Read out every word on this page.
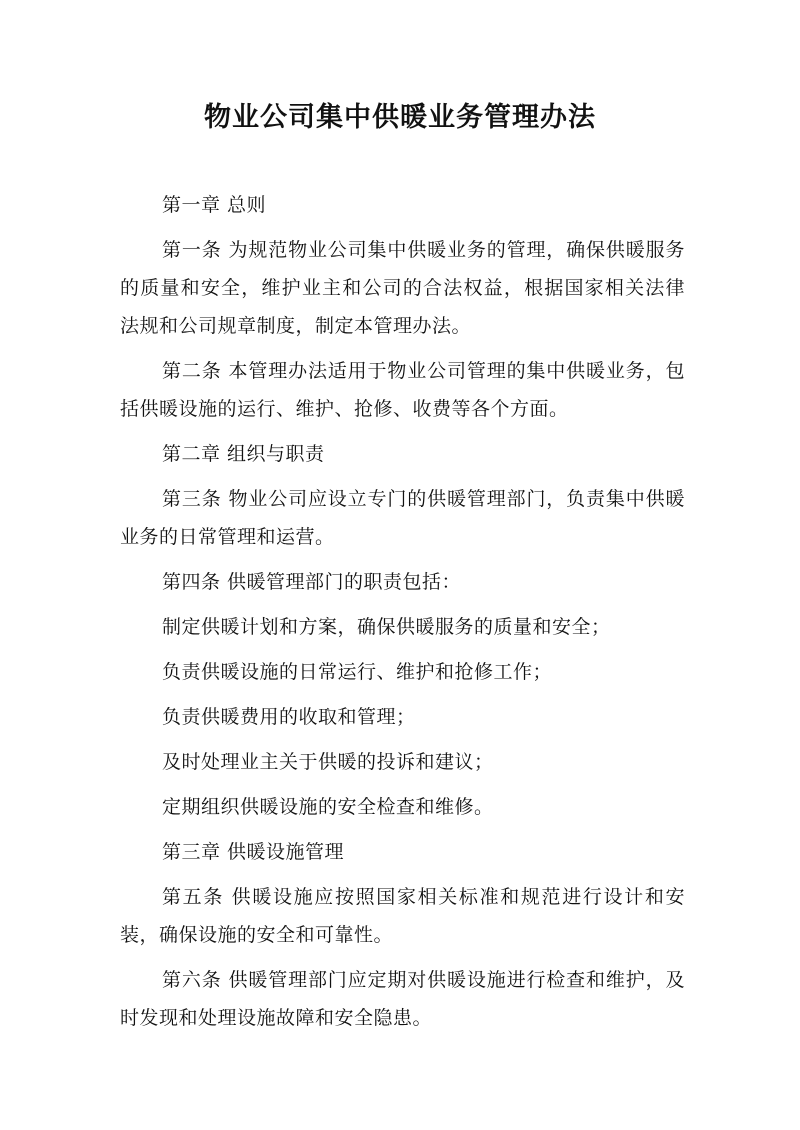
物业公司集中供暖业务管理办法

第一章 总则

第一条 为规范物业公司集中供暖业务的管理，确保供暖服务的质量和安全，维护业主和公司的合法权益，根据国家相关法律法规和公司规章制度，制定本管理办法。

第二条 本管理办法适用于物业公司管理的集中供暖业务，包括供暖设施的运行、维护、抢修、收费等各个方面。

第二章 组织与职责

第三条 物业公司应设立专门的供暖管理部门，负责集中供暖业务的日常管理和运营。

第四条 供暖管理部门的职责包括：

制定供暖计划和方案，确保供暖服务的质量和安全；

负责供暖设施的日常运行、维护和抢修工作；

负责供暖费用的收取和管理；

及时处理业主关于供暖的投诉和建议；

定期组织供暖设施的安全检查和维修。

第三章 供暖设施管理

第五条 供暖设施应按照国家相关标准和规范进行设计和安装，确保设施的安全和可靠性。

第六条 供暖管理部门应定期对供暖设施进行检查和维护，及时发现和处理设施故障和安全隐患。
